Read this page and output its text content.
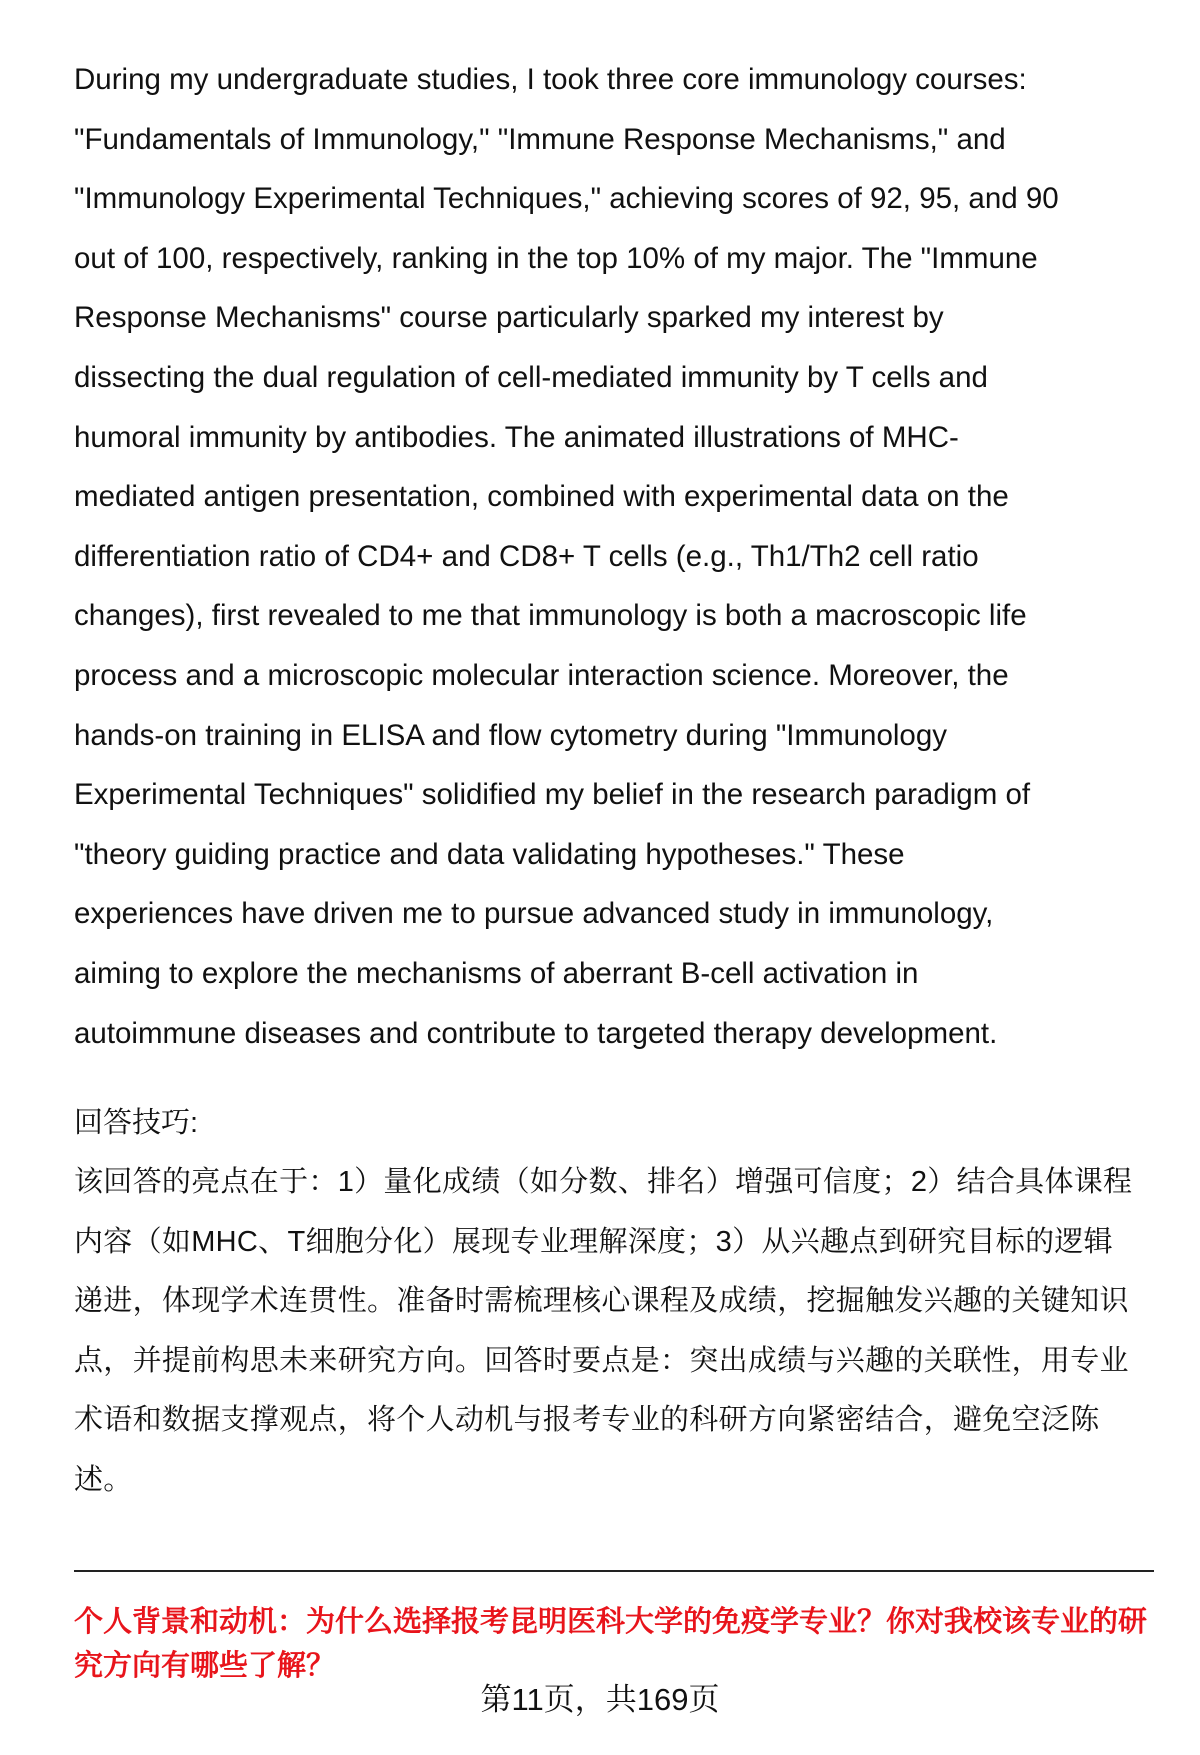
During my undergraduate studies, I took three core immunology courses:
"Fundamentals of Immunology," "Immune Response Mechanisms," and
"Immunology Experimental Techniques," achieving scores of 92, 95, and 90
out of 100, respectively, ranking in the top 10% of my major. The "Immune
Response Mechanisms" course particularly sparked my interest by
dissecting the dual regulation of cell-mediated immunity by T cells and
humoral immunity by antibodies. The animated illustrations of MHC-
mediated antigen presentation, combined with experimental data on the
differentiation ratio of CD4+ and CD8+ T cells (e.g., Th1/Th2 cell ratio
changes), first revealed to me that immunology is both a macroscopic life
process and a microscopic molecular interaction science. Moreover, the
hands-on training in ELISA and flow cytometry during "Immunology
Experimental Techniques" solidified my belief in the research paradigm of
"theory guiding practice and data validating hypotheses." These
experiences have driven me to pursue advanced study in immunology,
aiming to explore the mechanisms of aberrant B-cell activation in
autoimmune diseases and contribute to targeted therapy development.
回答技巧:
该回答的亮点在于：1）量化成绩（如分数、排名）增强可信度；2）结合具体课程
内容（如MHC、T细胞分化）展现专业理解深度；3）从兴趣点到研究目标的逻辑
递进，体现学术连贯性。准备时需梳理核心课程及成绩，挖掘触发兴趣的关键知识
点，并提前构思未来研究方向。回答时要点是：突出成绩与兴趣的关联性，用专业
术语和数据支撑观点，将个人动机与报考专业的科研方向紧密结合，避免空泛陈
述。
个人背景和动机：为什么选择报考昆明医科大学的免疫学专业？你对我校该专业的研究方向有哪些了解？
第11页，共169页
